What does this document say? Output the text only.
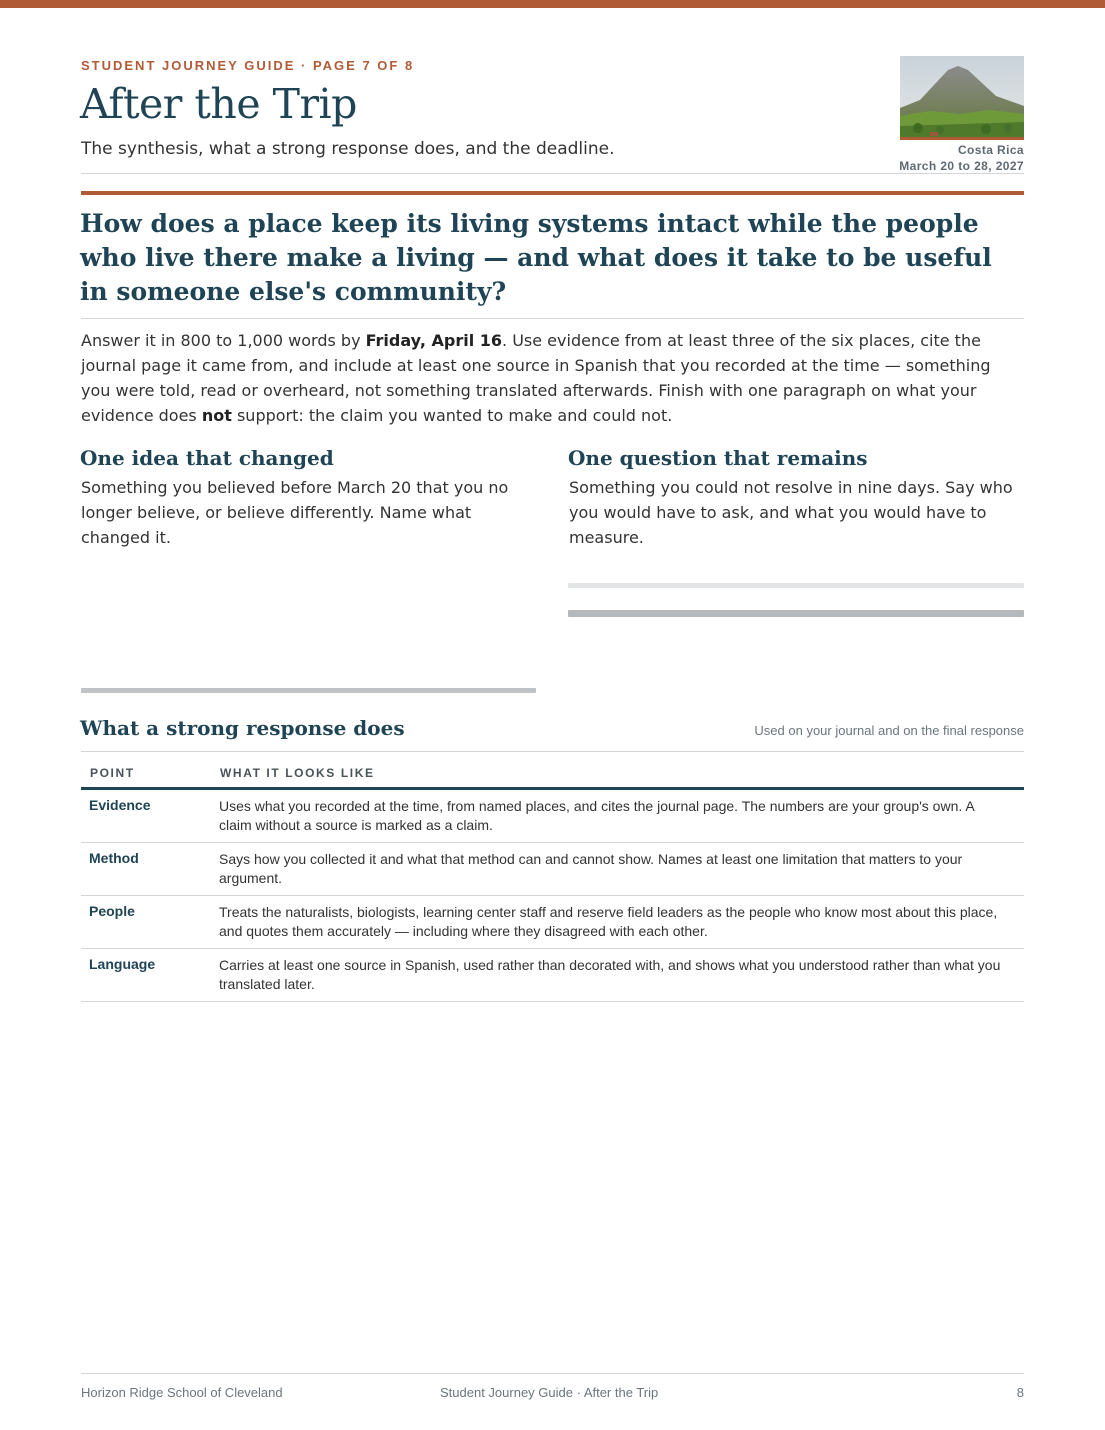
STUDENT JOURNEY GUIDE · PAGE 7 OF 8
After the Trip
The synthesis, what a strong response does, and the deadline.	Costa Rica
March 20 to 28, 2027
How does a place keep its living systems intact while the people who live there make a living — and what does it take to be useful in someone else's community?

Answer it in 800 to 1,000 words by Friday, April 16. Use evidence from at least three of the six places, cite the journal page it came from, and include at least one source in Spanish that you recorded at the time — something you were told, read or overheard, not something translated afterwards. Finish with one paragraph on what your evidence does not support: the claim you wanted to make and could not.

One idea that changed

Something you believed before March 20 that you no longer believe, or believe differently. Name what changed it.

One question that remains

Something you could not resolve in nine days. Say who you would have to ask, and what you would have to measure.

What a strong response does	Used on your journal and on the final response
POINT	WHAT IT LOOKS LIKE
Evidence	Uses what you recorded at the time, from named places, and cites the journal page. The numbers are your group's own. A claim without a source is marked as a claim.
Method	Says how you collected it and what that method can and cannot show. Names at least one limitation that matters to your argument.
People	Treats the naturalists, biologists, learning center staff and reserve field leaders as the people who know most about this place, and quotes them accurately — including where they disagreed with each other.
Language	Carries at least one source in Spanish, used rather than decorated with, and shows what you understood rather than what you translated later.
Horizon Ridge School of Cleveland	Student Journey Guide · After the Trip	8
